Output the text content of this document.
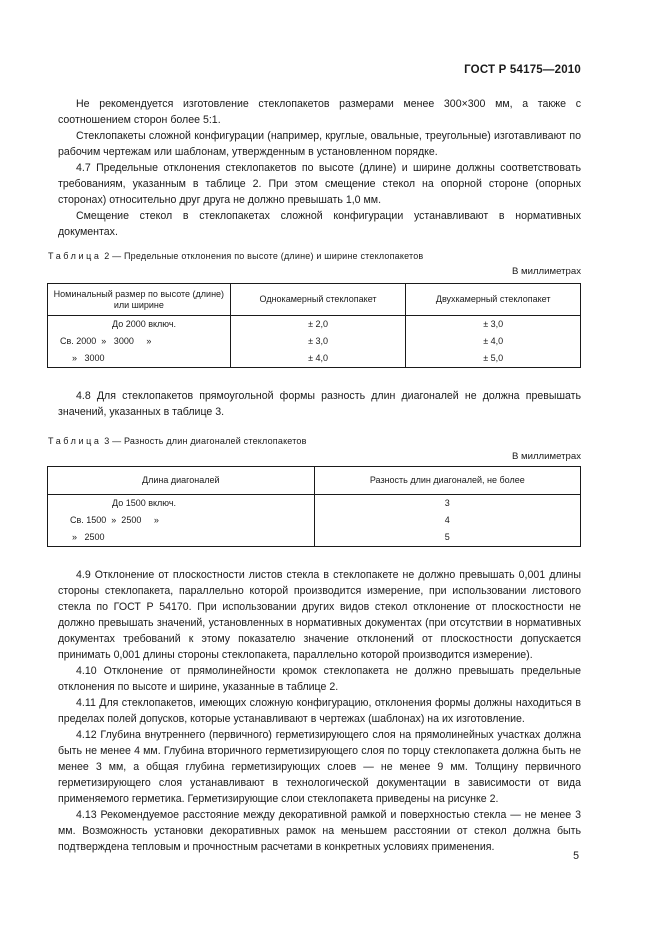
ГОСТ Р 54175—2010

Не рекомендуется изготовление стеклопакетов размерами менее 300×300 мм, а также с соотношением сторон более 5:1.

Стеклопакеты сложной конфигурации (например, круглые, овальные, треугольные) изготавливают по рабочим чертежам или шаблонам, утвержденным в установленном порядке.

4.7 Предельные отклонения стеклопакетов по высоте (длине) и ширине должны соответствовать требованиям, указанным в таблице 2. При этом смещение стекол на опорной стороне (опорных сторонах) относительно друг друга не должно превышать 1,0 мм.

Смещение стекол в стеклопакетах сложной конфигурации устанавливают в нормативных документах.

Таблица 2 — Предельные отклонения по высоте (длине) и ширине стеклопакетов
В миллиметрах
Номинальный размер по высоте (длине) или ширине	Однокамерный стеклопакет	Двухкамерный стеклопакет
До 2000 включ.	± 2,0	± 3,0
Св. 2000  »   3000     »	± 3,0	± 4,0
»   3000	± 4,0	± 5,0

4.8 Для стеклопакетов прямоугольной формы разность длин диагоналей не должна превышать значений, указанных в таблице 3.

Таблица 3 — Разность длин диагоналей стеклопакетов
В миллиметрах
Длина диагоналей	Разность длин диагоналей, не более
До 1500 включ.	3
Св. 1500  »  2500     »	4
»   2500	5

4.9 Отклонение от плоскостности листов стекла в стеклопакете не должно превышать 0,001 длины стороны стеклопакета, параллельно которой производится измерение, при использовании листового стекла по ГОСТ Р 54170. При использовании других видов стекол отклонение от плоскостности не должно превышать значений, установленных в нормативных документах (при отсутствии в нормативных документах требований к этому показателю значение отклонений от плоскостности допускается принимать 0,001 длины стороны стеклопакета, параллельно которой производится измерение).

4.10 Отклонение от прямолинейности кромок стеклопакета не должно превышать предельные отклонения по высоте и ширине, указанные в таблице 2.

4.11 Для стеклопакетов, имеющих сложную конфигурацию, отклонения формы должны находиться в пределах полей допусков, которые устанавливают в чертежах (шаблонах) на их изготовление.

4.12 Глубина внутреннего (первичного) герметизирующего слоя на прямолинейных участках должна быть не менее 4 мм. Глубина вторичного герметизирующего слоя по торцу стеклопакета должна быть не менее 3 мм, а общая глубина герметизирующих слоев — не менее 9 мм. Толщину первичного герметизирующего слоя устанавливают в технологической документации в зависимости от вида применяемого герметика. Герметизирующие слои стеклопакета приведены на рисунке 2.

4.13 Рекомендуемое расстояние между декоративной рамкой и поверхностью стекла — не менее 3 мм. Возможность установки декоративных рамок на меньшем расстоянии от стекол должна быть подтверждена тепловым и прочностным расчетами в конкретных условиях применения.

5
